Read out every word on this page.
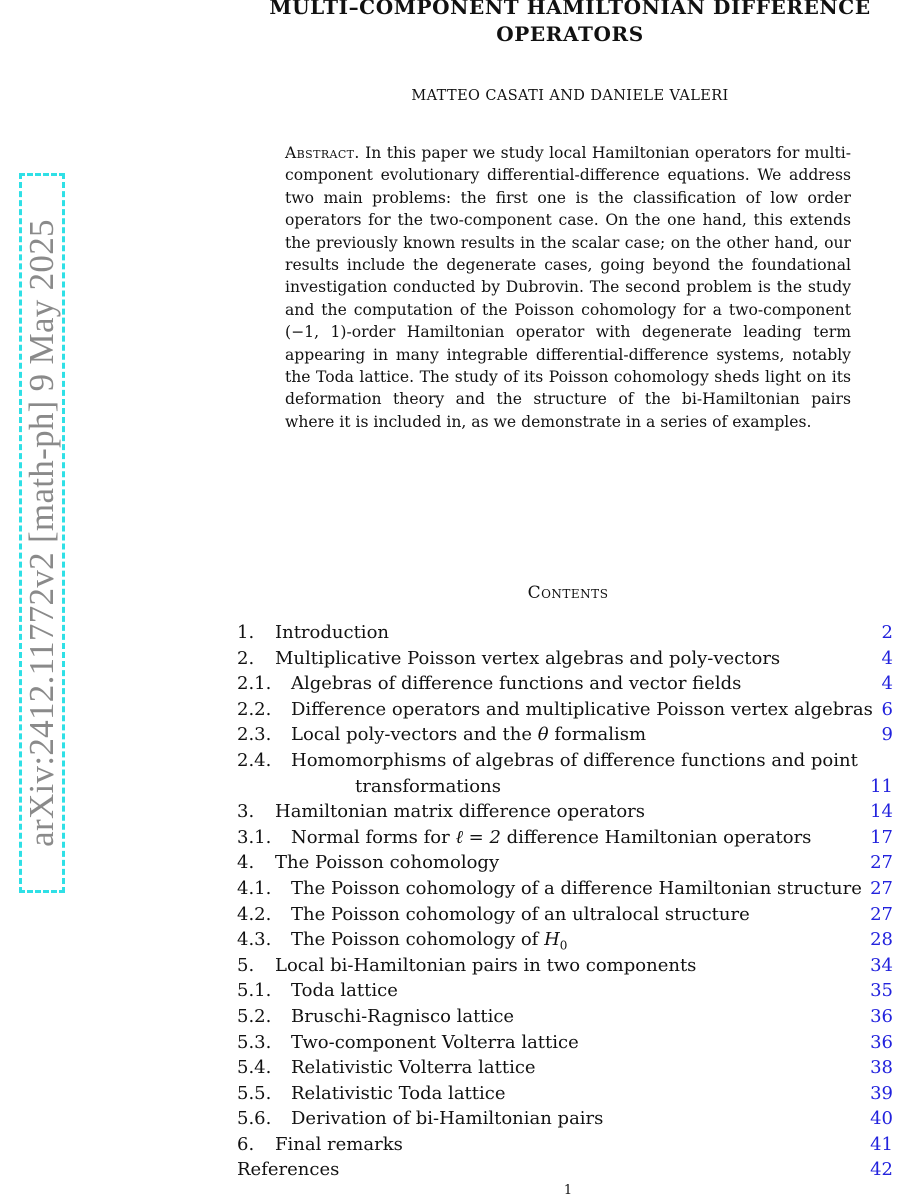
arXiv:2412.11772v2 [math-ph] 9 May 2025
MULTI–COMPONENT HAMILTONIAN DIFFERENCE
OPERATORS
MATTEO CASATI AND DANIELE VALERI
Abstract. In this paper we study local Hamiltonian operators for multi-component evolutionary differential-difference equations. We address two main problems: the first one is the classification of low order operators for the two-component case. On the one hand, this extends the previously known results in the scalar case; on the other hand, our results include the degenerate cases, going beyond the foundational investigation conducted by Dubrovin. The second problem is the study and the computation of the Poisson cohomology for a two-component (−1, 1)-order Hamiltonian operator with degenerate leading term appearing in many integrable differential-difference systems, notably the Toda lattice. The study of its Poisson cohomology sheds light on its deformation theory and the structure of the bi-Hamiltonian pairs where it is included in, as we demonstrate in a series of examples.
Contents
1.	Introduction	2
2.	Multiplicative Poisson vertex algebras and poly-vectors	4
2.1.	Algebras of difference functions and vector fields	4
2.2.	Difference operators and multiplicative Poisson vertex algebras 6
2.3.	Local poly-vectors and the θ formalism	9
2.4.	Homomorphisms of algebras of difference functions and point
transformations	11
3.	Hamiltonian matrix difference operators	14
3.1.	Normal forms for ℓ = 2 difference Hamiltonian operators	17
4.	The Poisson cohomology	27
4.1.	The Poisson cohomology of a difference Hamiltonian structure 27
4.2.	The Poisson cohomology of an ultralocal structure	27
4.3.	The Poisson cohomology of $H_0$	28
5.	Local bi-Hamiltonian pairs in two components	34
5.1.	Toda lattice	35
5.2.	Bruschi-Ragnisco lattice	36
5.3.	Two-component Volterra lattice	36
5.4.	Relativistic Volterra lattice	38
5.5.	Relativistic Toda lattice	39
5.6.	Derivation of bi-Hamiltonian pairs	40
6.	Final remarks	41
References	42
1
